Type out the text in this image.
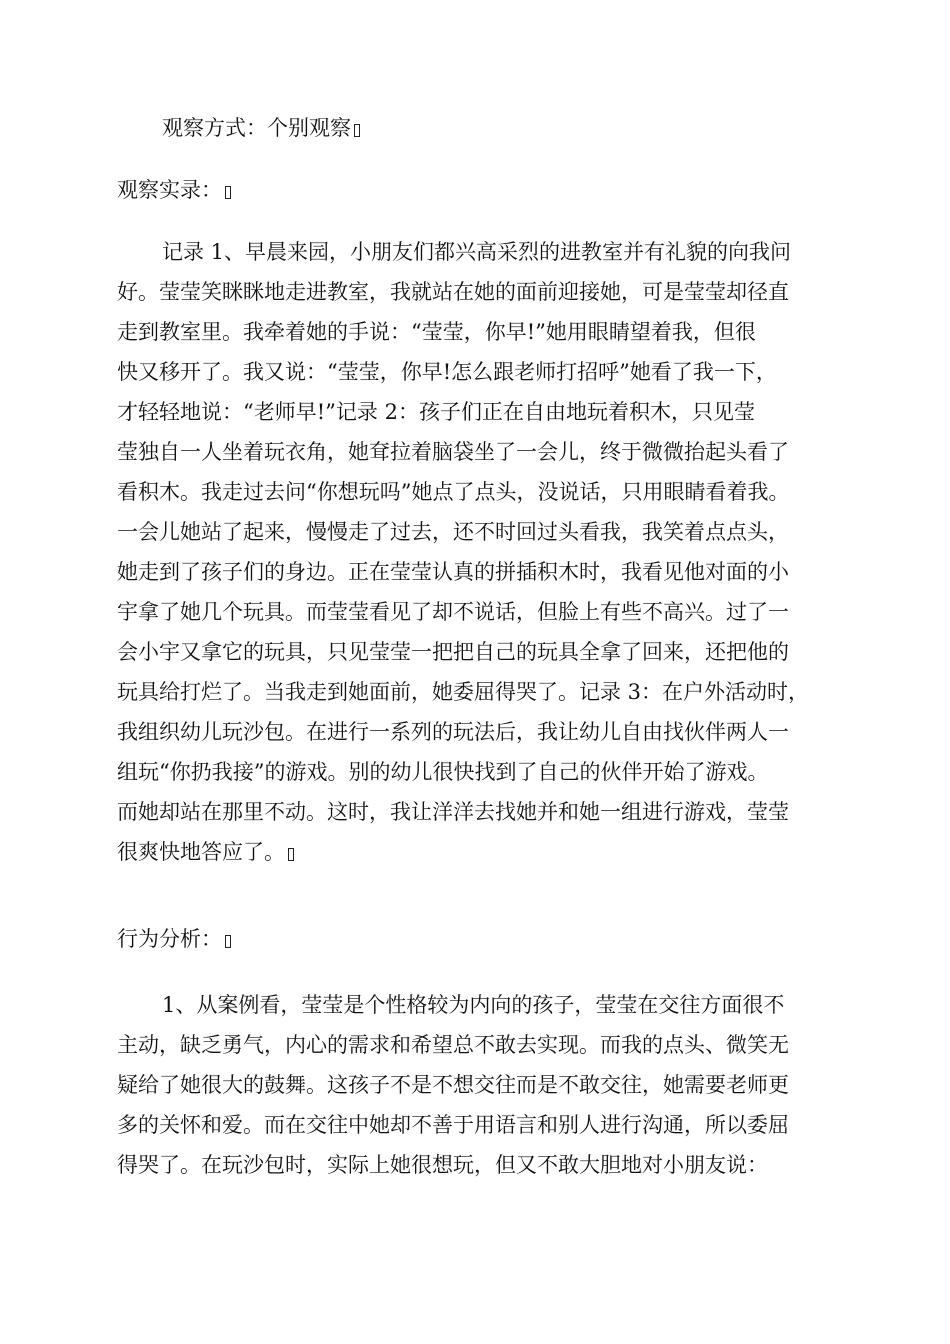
观察方式：个别观察
观察实录：
记录 1、早晨来园，小朋友们都兴高采烈的进教室并有礼貌的向我问
好。莹莹笑眯眯地走进教室，我就站在她的面前迎接她，可是莹莹却径直
走到教室里。我牵着她的手说：“莹莹，你早!”她用眼睛望着我，但很
快又移开了。我又说：“莹莹，你早!怎么跟老师打招呼”她看了我一下，
才轻轻地说：“老师早!”记录 2：孩子们正在自由地玩着积木，只见莹
莹独自一人坐着玩衣角，她耷拉着脑袋坐了一会儿，终于微微抬起头看了
看积木。我走过去问“你想玩吗”她点了点头，没说话，只用眼睛看着我。
一会儿她站了起来，慢慢走了过去，还不时回过头看我，我笑着点点头，
她走到了孩子们的身边。正在莹莹认真的拼插积木时，我看见他对面的小
宇拿了她几个玩具。而莹莹看见了却不说话，但脸上有些不高兴。过了一
会小宇又拿它的玩具，只见莹莹一把把自己的玩具全拿了回来，还把他的
玩具给打烂了。当我走到她面前，她委屈得哭了。记录 3：在户外活动时，
我组织幼儿玩沙包。在进行一系列的玩法后，我让幼儿自由找伙伴两人一
组玩“你扔我接”的游戏。别的幼儿很快找到了自己的伙伴开始了游戏。
而她却站在那里不动。这时，我让洋洋去找她并和她一组进行游戏，莹莹
很爽快地答应了。
行为分析：
1、从案例看，莹莹是个性格较为内向的孩子，莹莹在交往方面很不
主动，缺乏勇气，内心的需求和希望总不敢去实现。而我的点头、微笑无
疑给了她很大的鼓舞。这孩子不是不想交往而是不敢交往，她需要老师更
多的关怀和爱。而在交往中她却不善于用语言和别人进行沟通，所以委屈
得哭了。在玩沙包时，实际上她很想玩，但又不敢大胆地对小朋友说：
